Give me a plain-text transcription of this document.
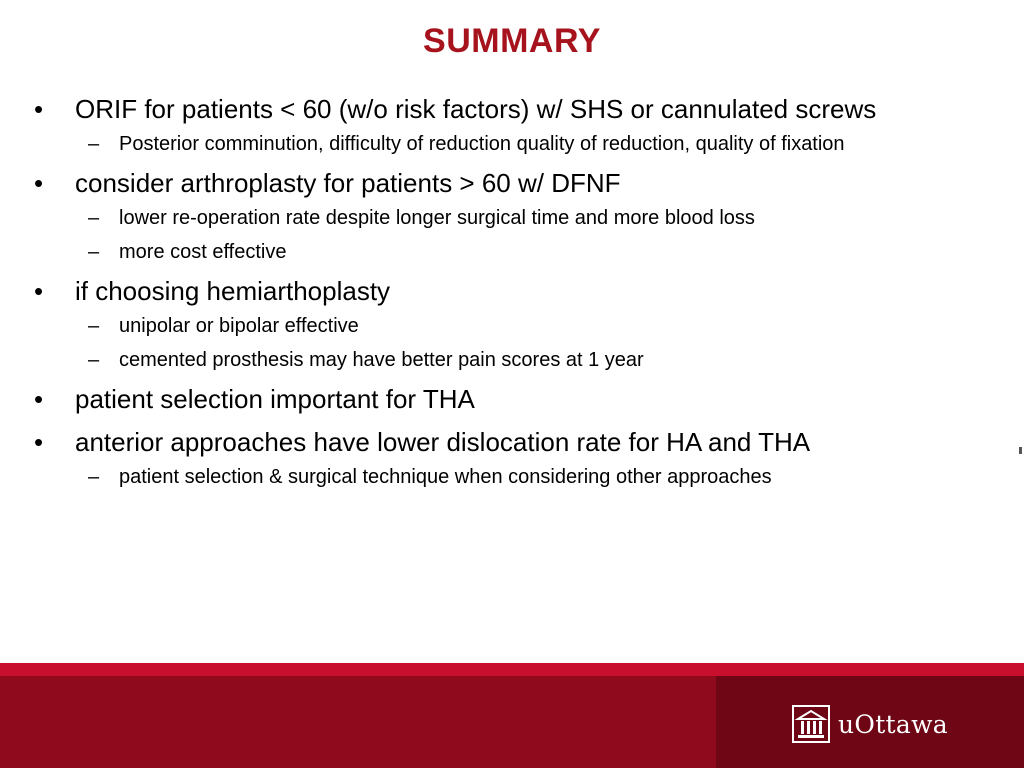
SUMMARY
• ORIF for patients < 60 (w/o risk factors) w/ SHS or cannulated screws
– Posterior comminution, difficulty of reduction quality of reduction, quality of fixation
• consider arthroplasty for patients > 60 w/ DFNF
– lower re-operation rate despite longer surgical time and more blood loss
– more cost effective
• if choosing hemiarthoplasty
– unipolar or bipolar effective
– cemented prosthesis may have better pain scores at 1 year
• patient selection important for THA
• anterior approaches have lower dislocation rate for HA and THA
– patient selection & surgical technique when considering other approaches
uOttawa
